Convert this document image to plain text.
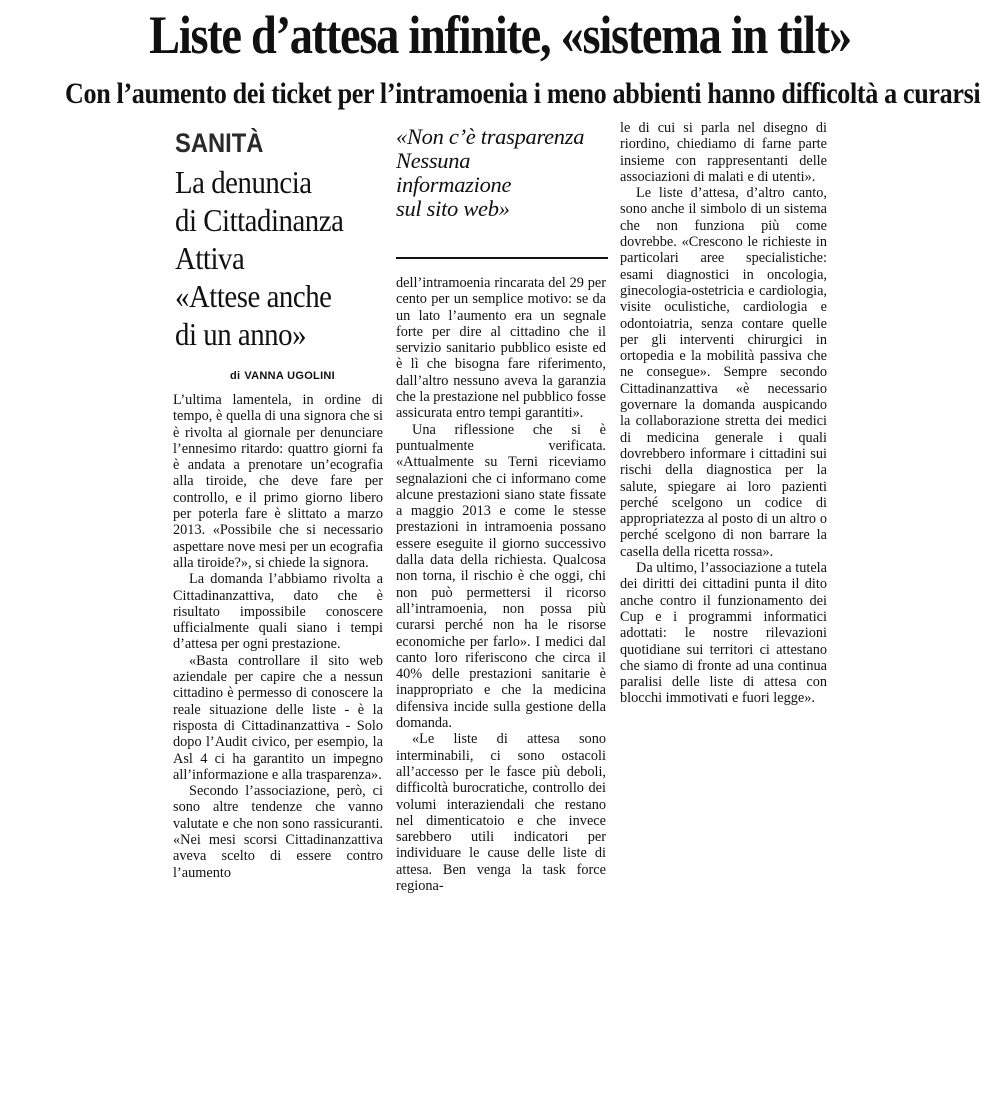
Liste d’attesa infinite, «sistema in tilt»
Con l’aumento dei ticket per l’intramoenia i meno abbienti hanno difficoltà a curarsi
SANITÀ
La denuncia
di Cittadinanza
Attiva
«Attese anche
di un anno»
di VANNA UGOLINI
«Non c’è trasparenza
Nessuna
informazione
sul sito web»

L’ultima lamentela, in ordine di tempo, è quella di una signora che si è rivolta al giornale per denunciare l’ennesimo ritardo: quattro giorni fa è andata a prenotare un’ecografia alla tiroide, che deve fare per controllo, e il primo giorno libero per poterla fare è slittato a marzo 2013. «Possibile che si necessario aspettare nove mesi per un ecografia alla tiroide?», si chiede la signora.

La domanda l’abbiamo rivolta a Cittadinanzattiva, dato che è risultato impossibile conoscere ufficialmente quali siano i tempi d’attesa per ogni prestazione.

«Basta controllare il sito web aziendale per capire che a nessun cittadino è permesso di conoscere la reale situazione delle liste - è la risposta di Cittadinanzattiva - Solo dopo l’Audit civico, per esempio, la Asl 4 ci ha garantito un impegno all’informazione e alla trasparenza».

Secondo l’associazione, però, ci sono altre tendenze che vanno valutate e che non sono rassicuranti. «Nei mesi scorsi Cittadinanzattiva aveva scelto di essere contro l’aumento

dell’intramoenia rincarata del 29 per cento per un semplice motivo: se da un lato l’aumento era un segnale forte per dire al cittadino che il servizio sanitario pubblico esiste ed è lì che bisogna fare riferimento, dall’altro nessuno aveva la garanzia che la prestazione nel pubblico fosse assicurata entro tempi garantiti».

Una riflessione che si è puntualmente verificata. «Attualmente su Terni riceviamo segnalazioni che ci informano come alcune prestazioni siano state fissate a maggio 2013 e come le stesse prestazioni in intramoenia possano essere eseguite il giorno successivo dalla data della richiesta. Qualcosa non torna, il rischio è che oggi, chi non può permettersi il ricorso all’intramoenia, non possa più curarsi perché non ha le risorse economiche per farlo». I medici dal canto loro riferiscono che circa il 40% delle prestazioni sanitarie è inappropriato e che la medicina difensiva incide sulla gestione della domanda.

«Le liste di attesa sono interminabili, ci sono ostacoli all’accesso per le fasce più deboli, difficoltà burocratiche, controllo dei volumi interaziendali che restano nel dimenticatoio e che invece sarebbero utili indicatori per individuare le cause delle liste di attesa. Ben venga la task force regiona-

le di cui si parla nel disegno di riordino, chiediamo di farne parte insieme con rappresentanti delle associazioni di malati e di utenti».

Le liste d’attesa, d’altro canto, sono anche il simbolo di un sistema che non funziona più come dovrebbe. «Crescono le richieste in particolari aree specialistiche: esami diagnostici in oncologia, ginecologia-ostetricia e cardiologia, visite oculistiche, cardiologia e odontoiatria, senza contare quelle per gli interventi chirurgici in ortopedia e la mobilità passiva che ne consegue». Sempre secondo Cittadinanzattiva «è necessario governare la domanda auspicando la collaborazione stretta dei medici di medicina generale i quali dovrebbero informare i cittadini sui rischi della diagnostica per la salute, spiegare ai loro pazienti perché scelgono un codice di appropriatezza al posto di un altro o perché scelgono di non barrare la casella della ricetta rossa».

Da ultimo, l’associazione a tutela dei diritti dei cittadini punta il dito anche contro il funzionamento dei Cup e i programmi informatici adottati: le nostre rilevazioni quotidiane sui territori ci attestano che siamo di fronte ad una continua paralisi delle liste di attesa con blocchi immotivati e fuori legge».
